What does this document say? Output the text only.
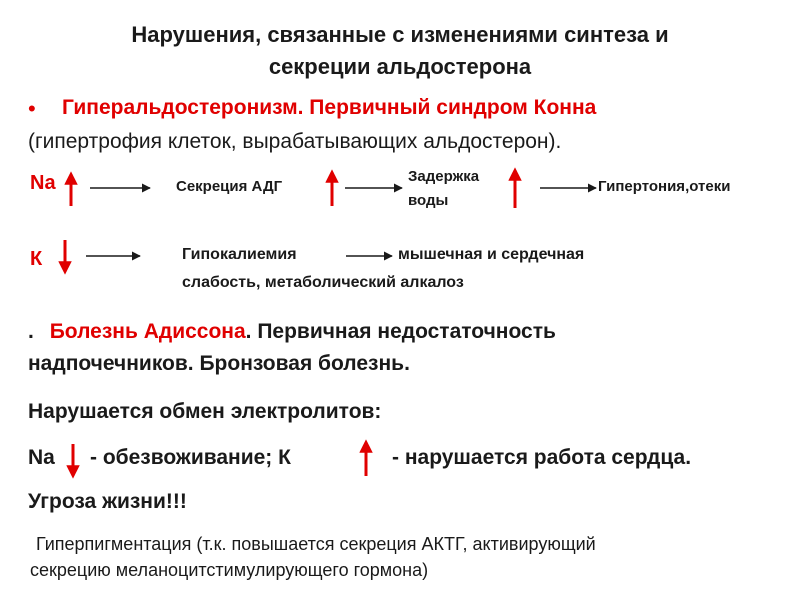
Нарушения, связанные с изменениями синтеза и
секреции альдостерона
• Гиперальдостеронизм. Первичный синдром Конна
(гипертрофия клеток, вырабатывающих альдостерон).
Na	Секреция АДГ
Задержка
воды
Гипертония,отеки
К	Гипокалиемия	мышечная и сердечная
слабость, метаболический алкалоз
. Болезнь Адиссона. Первичная недостаточность
надпочечников. Бронзовая болезнь.
Нарушается обмен электролитов:
Na - обезвоживание; К	- нарушается работа сердца.
Угроза жизни!!!
Гиперпигментация (т.к. повышается секреция АКТГ, активирующий
секрецию меланоцитстимулирующего гормона)
